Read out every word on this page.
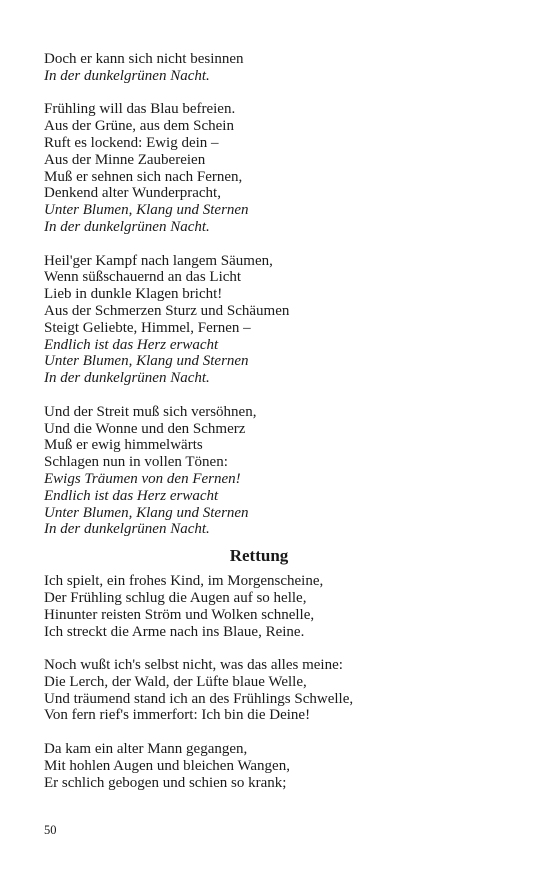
Doch er kann sich nicht besinnen
In der dunkelgrünen Nacht.
Frühling will das Blau befreien.
Aus der Grüne, aus dem Schein
Ruft es lockend: Ewig dein –
Aus der Minne Zaubereien
Muß er sehnen sich nach Fernen,
Denkend alter Wunderpracht,
Unter Blumen, Klang und Sternen
In der dunkelgrünen Nacht.
Heil'ger Kampf nach langem Säumen,
Wenn süßschauernd an das Licht
Lieb in dunkle Klagen bricht!
Aus der Schmerzen Sturz und Schäumen
Steigt Geliebte, Himmel, Fernen –
Endlich ist das Herz erwacht
Unter Blumen, Klang und Sternen
In der dunkelgrünen Nacht.
Und der Streit muß sich versöhnen,
Und die Wonne und den Schmerz
Muß er ewig himmelwärts
Schlagen nun in vollen Tönen:
Ewigs Träumen von den Fernen!
Endlich ist das Herz erwacht
Unter Blumen, Klang und Sternen
In der dunkelgrünen Nacht.
Rettung
Ich spielt, ein frohes Kind, im Morgenscheine,
Der Frühling schlug die Augen auf so helle,
Hinunter reisten Ström und Wolken schnelle,
Ich streckt die Arme nach ins Blaue, Reine.
Noch wußt ich's selbst nicht, was das alles meine:
Die Lerch, der Wald, der Lüfte blaue Welle,
Und träumend stand ich an des Frühlings Schwelle,
Von fern rief's immerfort: Ich bin die Deine!
Da kam ein alter Mann gegangen,
Mit hohlen Augen und bleichen Wangen,
Er schlich gebogen und schien so krank;
50
